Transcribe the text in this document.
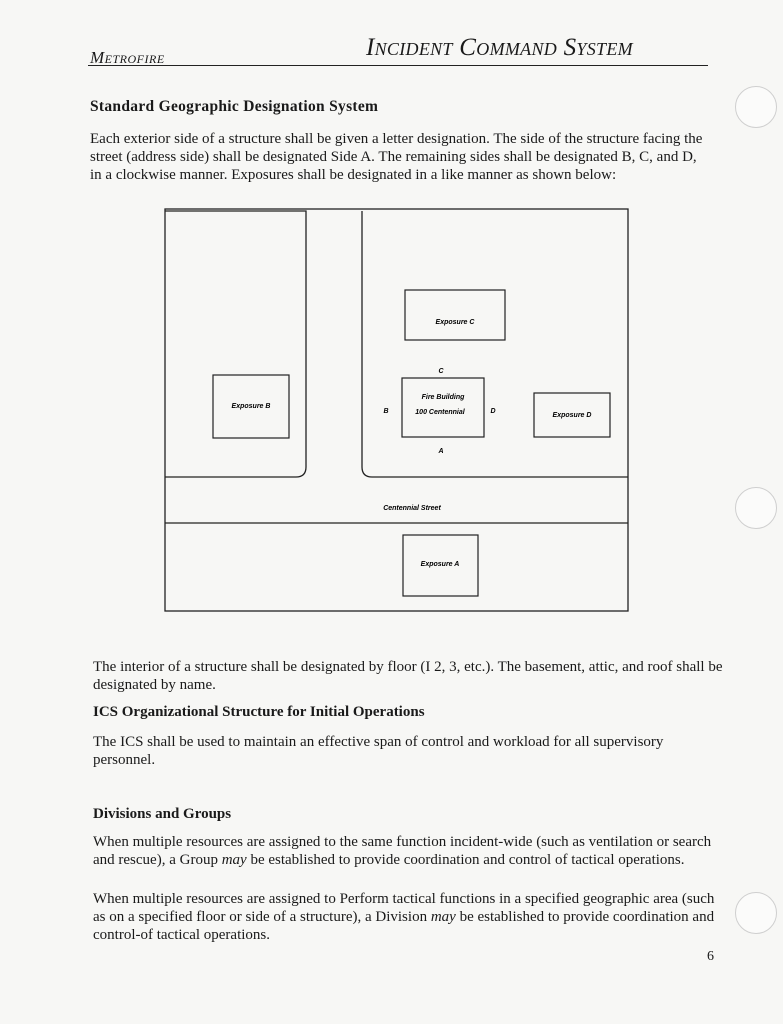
Metrofire	Incident Command System
Standard Geographic Designation System

Each exterior side of a structure shall be given a letter designation. The side of the structure facing the street (address side) shall be designated Side A. The remaining sides shall be designated B, C, and D, in a clockwise manner. Exposures shall be designated in a like manner as shown below:

Exposure C
Exposure B
Fire Building
100 Centennial
C
B	D
A
Exposure D
Centennial Street
Exposure A

The interior of a structure shall be designated by floor (I 2, 3, etc.). The basement, attic, and roof shall be designated by name.

ICS Organizational Structure for Initial Operations

The ICS shall be used to maintain an effective span of control and workload for all supervisory personnel.

Divisions and Groups

When multiple resources are assigned to the same function incident-wide (such as ventilation or search and rescue), a Group may be established to provide coordination and control of tactical operations.

When multiple resources are assigned to Perform tactical functions in a specified geographic area (such as on a specified floor or side of a structure), a Division may be established to provide coordination and control-of tactical operations.

6
